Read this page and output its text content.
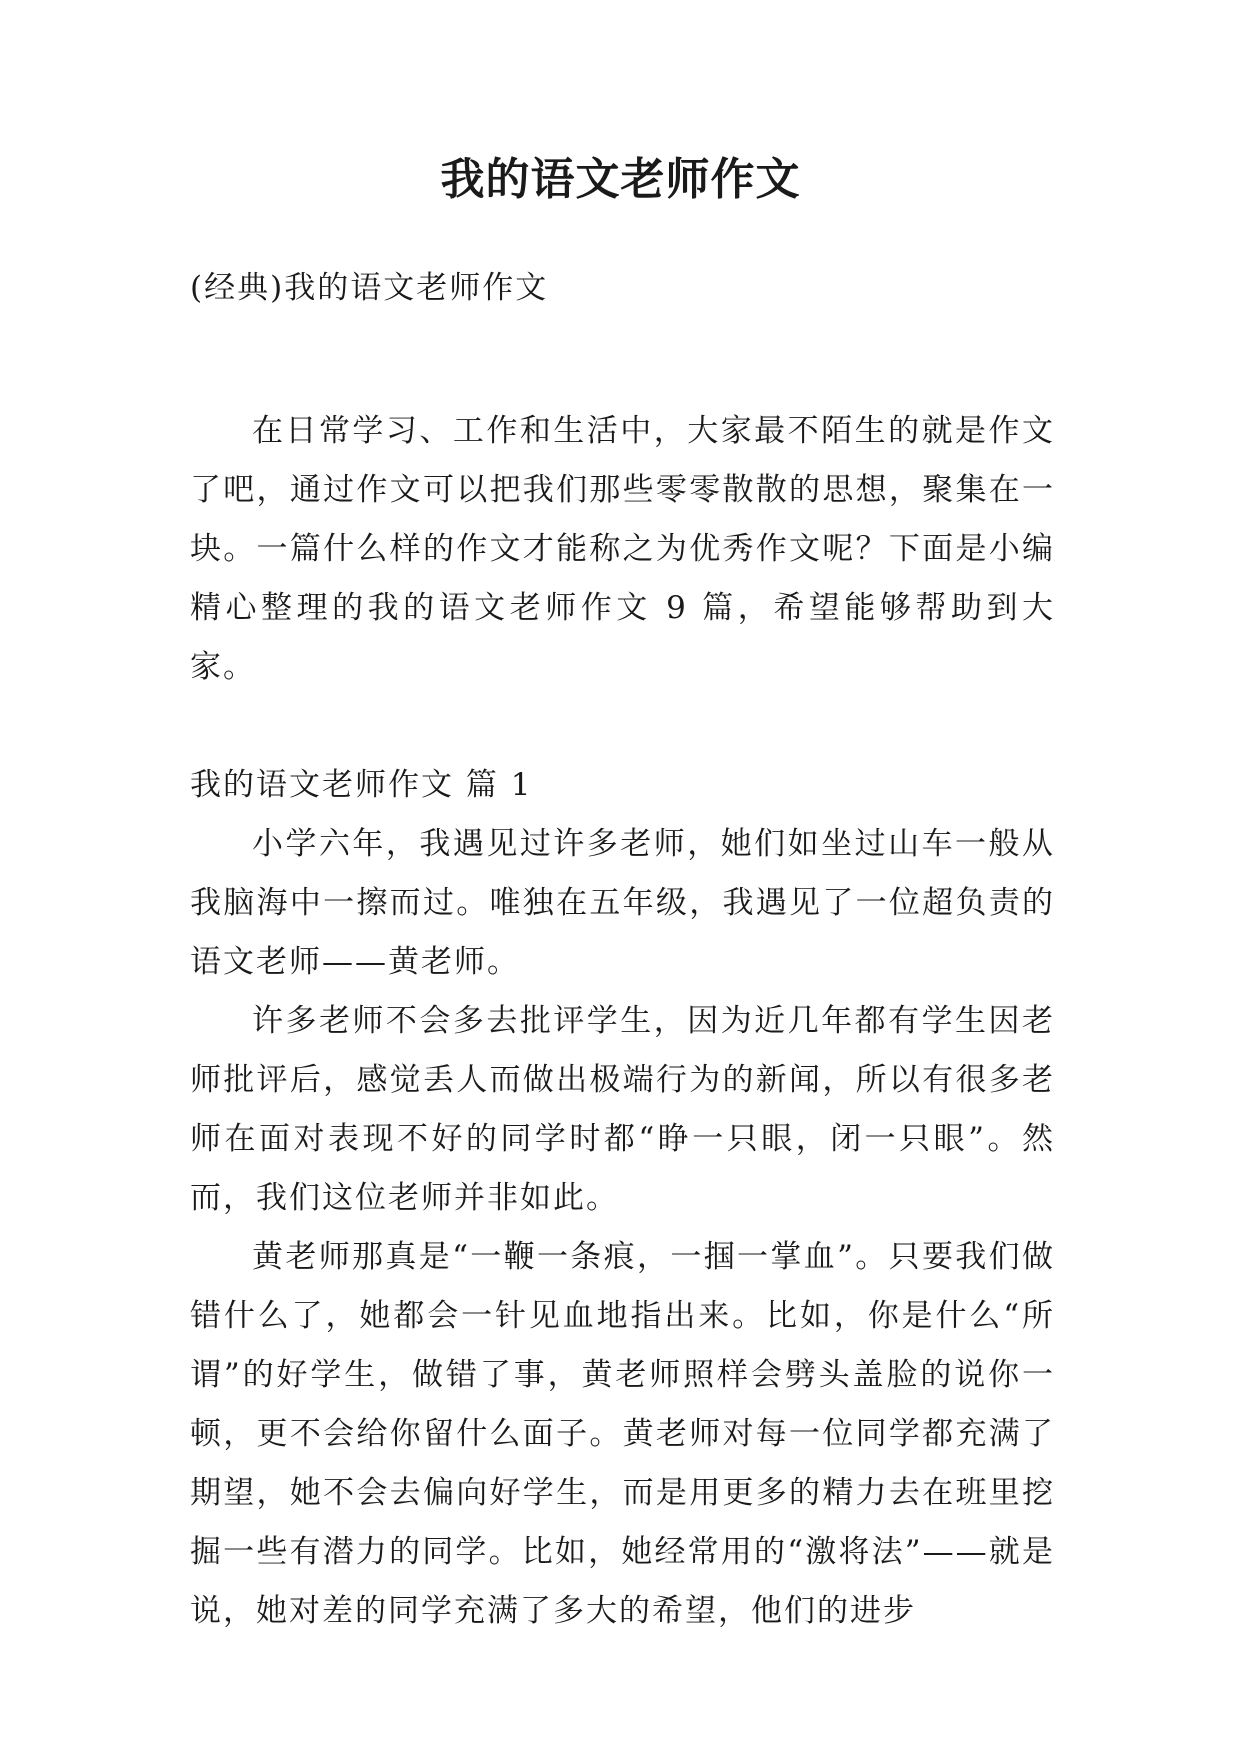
我的语文老师作文
(经典)我的语文老师作文

在日常学习、工作和生活中，大家最不陌生的就是作文了吧，通过作文可以把我们那些零零散散的思想，聚集在一块。一篇什么样的作文才能称之为优秀作文呢？下面是小编精心整理的我的语文老师作文 9 篇，希望能够帮助到大家。

我的语文老师作文 篇 1

小学六年，我遇见过许多老师，她们如坐过山车一般从我脑海中一擦而过。唯独在五年级，我遇见了一位超负责的语文老师——黄老师。

许多老师不会多去批评学生，因为近几年都有学生因老师批评后，感觉丢人而做出极端行为的新闻，所以有很多老师在面对表现不好的同学时都“睁一只眼，闭一只眼”。然而，我们这位老师并非如此。

黄老师那真是“一鞭一条痕，一掴一掌血”。只要我们做错什么了，她都会一针见血地指出来。比如，你是什么“所谓”的好学生，做错了事，黄老师照样会劈头盖脸的说你一顿，更不会给你留什么面子。黄老师对每一位同学都充满了期望，她不会去偏向好学生，而是用更多的精力去在班里挖掘一些有潜力的同学。比如，她经常用的“激将法”——就是说，她对差的同学充满了多大的希望，他们的进步
